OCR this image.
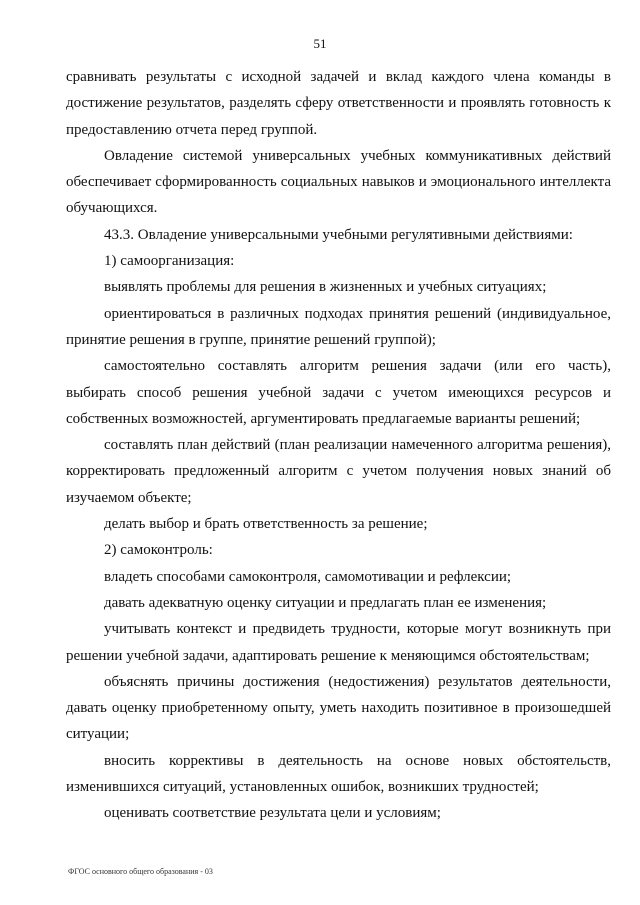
51

сравнивать результаты с исходной задачей и вклад каждого члена команды в достижение результатов, разделять сферу ответственности и проявлять готовность к предоставлению отчета перед группой.

Овладение системой универсальных учебных коммуникативных действий обеспечивает сформированность социальных навыков и эмоционального интеллекта обучающихся.

43.3. Овладение универсальными учебными регулятивными действиями:

1) самоорганизация:

выявлять проблемы для решения в жизненных и учебных ситуациях;

ориентироваться в различных подходах принятия решений (индивидуальное, принятие решения в группе, принятие решений группой);

самостоятельно составлять алгоритм решения задачи (или его часть), выбирать способ решения учебной задачи с учетом имеющихся ресурсов и собственных возможностей, аргументировать предлагаемые варианты решений;

составлять план действий (план реализации намеченного алгоритма решения), корректировать предложенный алгоритм с учетом получения новых знаний об изучаемом объекте;

делать выбор и брать ответственность за решение;

2) самоконтроль:

владеть способами самоконтроля, самомотивации и рефлексии;

давать адекватную оценку ситуации и предлагать план ее изменения;

учитывать контекст и предвидеть трудности, которые могут возникнуть при решении учебной задачи, адаптировать решение к меняющимся обстоятельствам;

объяснять причины достижения (недостижения) результатов деятельности, давать оценку приобретенному опыту, уметь находить позитивное в произошедшей ситуации;

вносить коррективы в деятельность на основе новых обстоятельств, изменившихся ситуаций, установленных ошибок, возникших трудностей;

оценивать соответствие результата цели и условиям;

ФГОС основного общего образования - 03
